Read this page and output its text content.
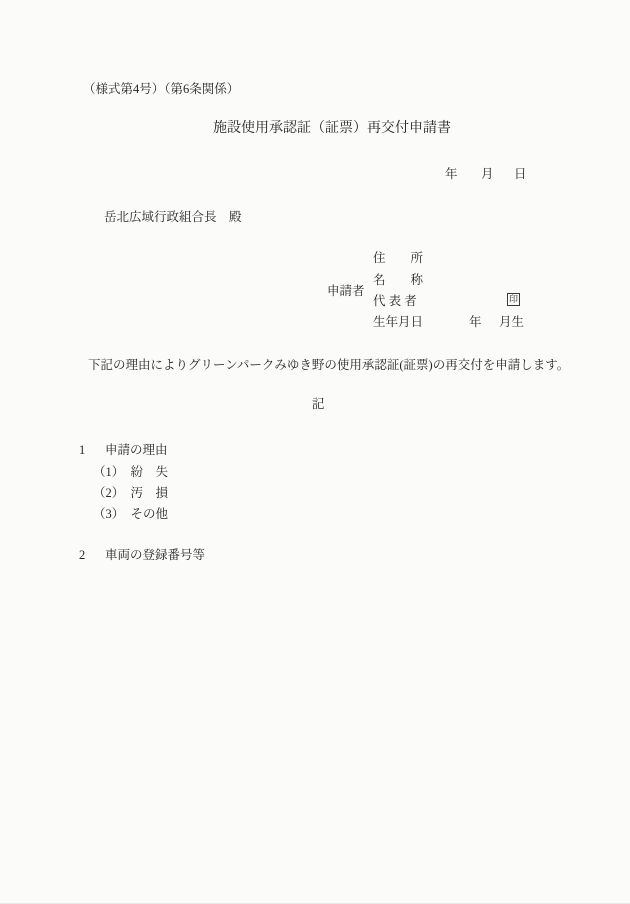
（様式第4号）（第6条関係）
施設使用承認証（証票）再交付申請書
年 月 日
岳北広域行政組合長　殿
申請者
住　　所
名　　称
代 表 者	印
生年月日	年 月生
下記の理由によりグリーンパークみゆき野の使用承認証(証票)の再交付を申請します。
記
1 申請の理由
（1）　紛　失
（2）　汚　損
（3）　その他
2 車両の登録番号等
